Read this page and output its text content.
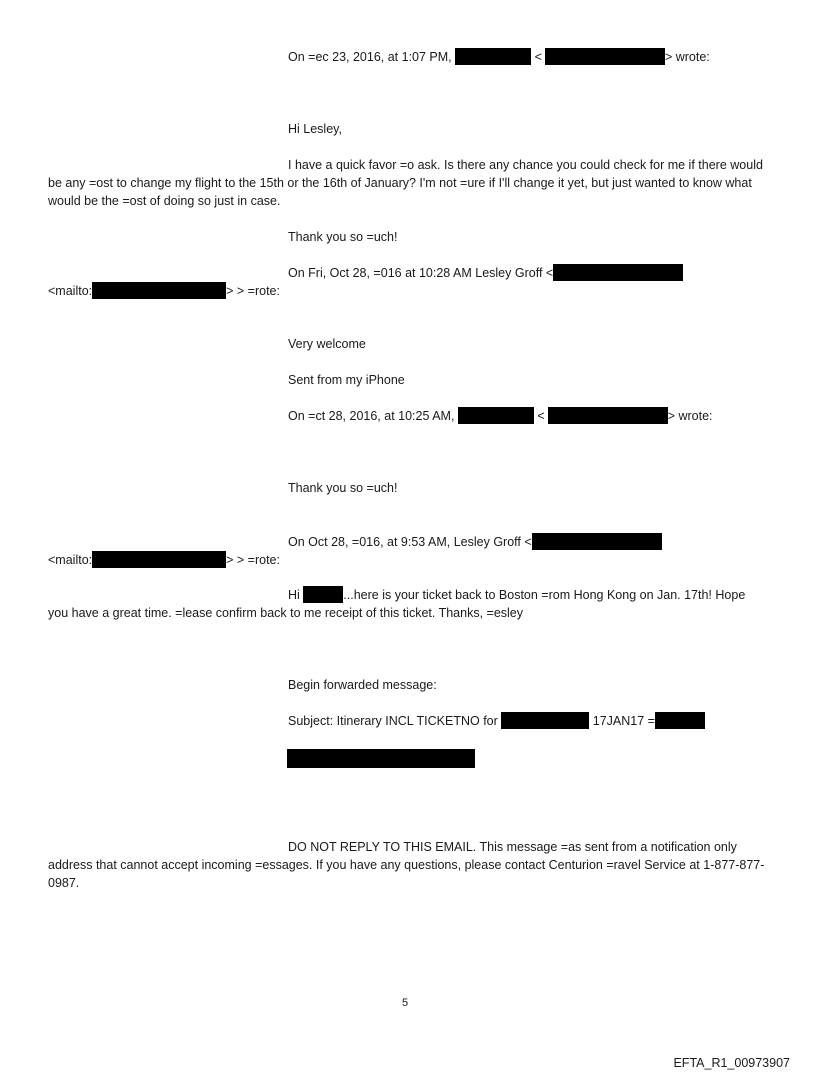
On =ec 23, 2016, at 1:07 PM,	<	> wrote:
Hi Lesley,
I have a quick favor =o ask. Is there any chance you could check for me if there would be any =ost to change my flight to the 15th or the 16th of January? I'm not =ure if I'll change it yet, but just wanted to know what would be the =ost of doing so just in case.
Thank you so =uch!
On Fri, Oct 28, =016 at 10:28 AM Lesley Groff <
<mailto:	> > =rote:
Very welcome
Sent from my iPhone
On =ct 28, 2016, at 10:25 AM,	<	> wrote:
Thank you so =uch!
On Oct 28, =016, at 9:53 AM, Lesley Groff <
<mailto:	> > =rote:
Hi	...here is your ticket back to Boston =rom Hong Kong on Jan. 17th! Hope you have a great time. =lease confirm back to me receipt of this ticket. Thanks, =esley
Begin forwarded message:
Subject: Itinerary INCL TICKETNO for	17JAN17 =
DO NOT REPLY TO THIS EMAIL. This message =as sent from a notification only address that cannot accept incoming =essages. If you have any questions, please contact Centurion =ravel Service at 1-877-877-0987.
5
EFTA_R1_00973907
